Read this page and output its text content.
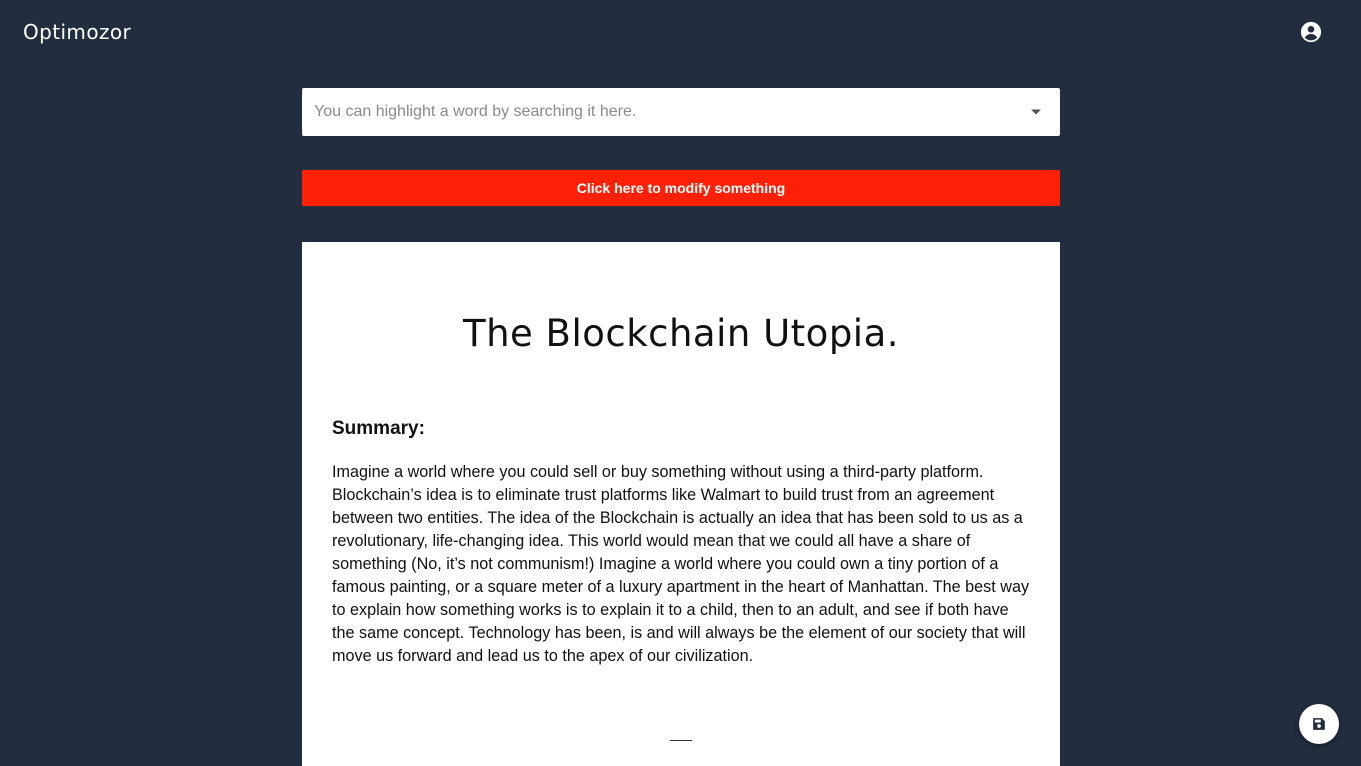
Optimozor
You can highlight a word by searching it here.
Click here to modify something
The Blockchain Utopia.
Summary:

Imagine a world where you could sell or buy something without using a third-party platform. Blockchain’s idea is to eliminate trust platforms like Walmart to build trust from an agreement between two entities. The idea of the Blockchain is actually an idea that has been sold to us as a revolutionary, life-changing idea. This world would mean that we could all have a share of something (No, it’s not communism!) Imagine a world where you could own a tiny portion of a famous painting, or a square meter of a luxury apartment in the heart of Manhattan. The best way to explain how something works is to explain it to a child, then to an adult, and see if both have the same concept. Technology has been, is and will always be the element of our society that will move us forward and lead us to the apex of our civilization.
